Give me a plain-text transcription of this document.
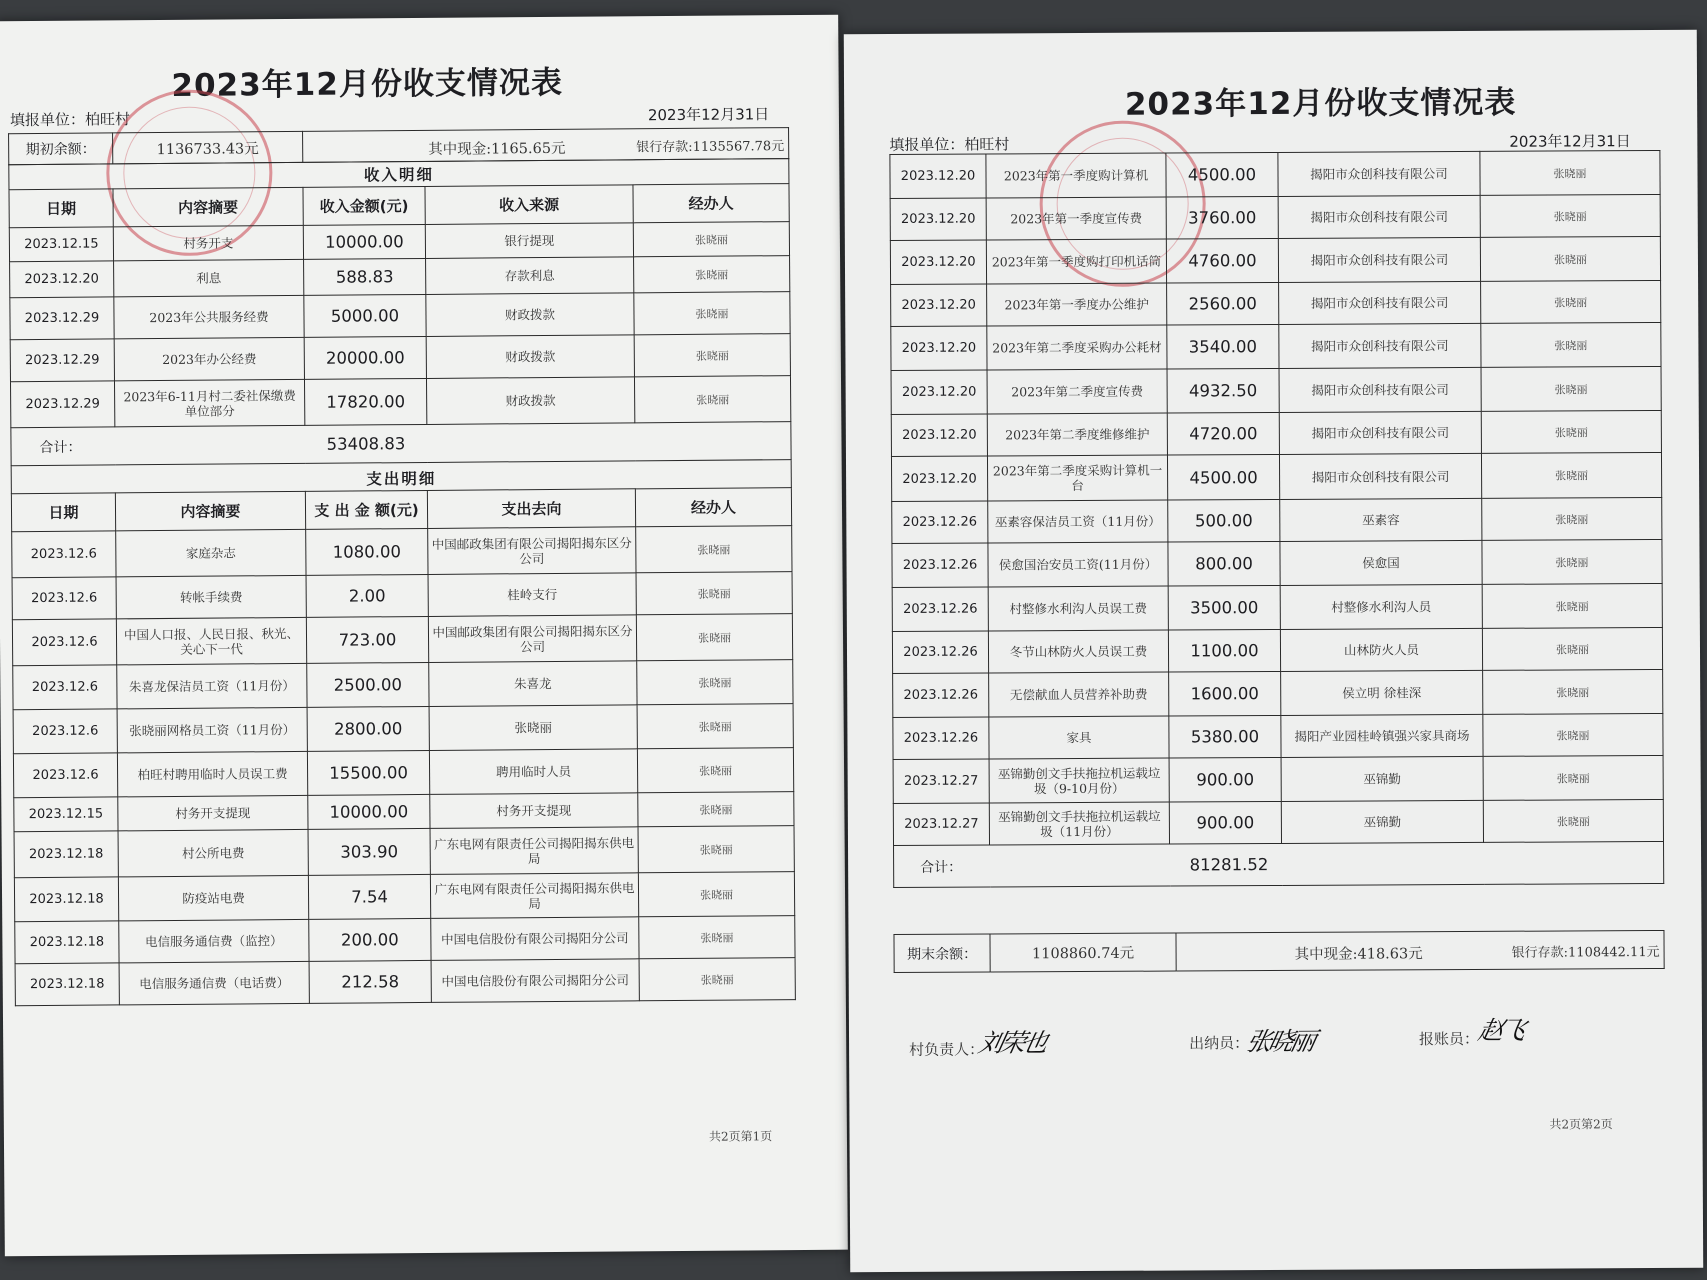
2023年12月份收支情况表
填报单位：柏旺村	2023年12月31日
期初余额：	1136733.43元	其中现金:1165.65元	银行存款:1135567.78元
收入明细				
日期	内容摘要	收入金额(元)	收入来源	经办人
2023.12.15	村务开支	10000.00	银行提现	张晓丽
2023.12.20	利息	588.83	存款利息	张晓丽
2023.12.29	2023年公共服务经费	5000.00	财政拨款	张晓丽
2023.12.29	2023年办公经费	20000.00	财政拨款	张晓丽
2023.12.29	2023年6-11月村二委社保缴费单位部分	17820.00	财政拨款	张晓丽
合计：		53408.83		
支出明细				
日期	内容摘要	支 出 金 额(元)	支出去向	经办人
2023.12.6	家庭杂志	1080.00	中国邮政集团有限公司揭阳揭东区分公司	张晓丽
2023.12.6	转帐手续费	2.00	桂岭支行	张晓丽
2023.12.6	中国人口报、人民日报、秋光、关心下一代	723.00	中国邮政集团有限公司揭阳揭东区分公司	张晓丽
2023.12.6	朱喜龙保洁员工资（11月份）	2500.00	朱喜龙	张晓丽
2023.12.6	张晓丽网格员工资（11月份）	2800.00	张晓丽	张晓丽
2023.12.6	柏旺村聘用临时人员误工费	15500.00	聘用临时人员	张晓丽
2023.12.15	村务开支提现	10000.00	村务开支提现	张晓丽
2023.12.18	村公所电费	303.90	广东电网有限责任公司揭阳揭东供电局	张晓丽
2023.12.18	防疫站电费	7.54	广东电网有限责任公司揭阳揭东供电局	张晓丽
2023.12.18	电信服务通信费（监控）	200.00	中国电信股份有限公司揭阳分公司	张晓丽
2023.12.18	电信服务通信费（电话费）	212.58	中国电信股份有限公司揭阳分公司	张晓丽
共2页第1页
2023年12月份收支情况表
填报单位：柏旺村	2023年12月31日
2023.12.20	2023年第一季度购计算机	4500.00	揭阳市众创科技有限公司	张晓丽
2023.12.20	2023年第一季度宣传费	3760.00	揭阳市众创科技有限公司	张晓丽
2023.12.20	2023年第一季度购打印机话筒	4760.00	揭阳市众创科技有限公司	张晓丽
2023.12.20	2023年第一季度办公维护	2560.00	揭阳市众创科技有限公司	张晓丽
2023.12.20	2023年第二季度采购办公耗材	3540.00	揭阳市众创科技有限公司	张晓丽
2023.12.20	2023年第二季度宣传费	4932.50	揭阳市众创科技有限公司	张晓丽
2023.12.20	2023年第二季度维修维护	4720.00	揭阳市众创科技有限公司	张晓丽
2023.12.20	2023年第二季度采购计算机一台	4500.00	揭阳市众创科技有限公司	张晓丽
2023.12.26	巫素容保洁员工资（11月份）	500.00	巫素容	张晓丽
2023.12.26	侯愈国治安员工资(11月份）	800.00	侯愈国	张晓丽
2023.12.26	村整修水利沟人员误工费	3500.00	村整修水利沟人员	张晓丽
2023.12.26	冬节山林防火人员误工费	1100.00	山林防火人员	张晓丽
2023.12.26	无偿献血人员营养补助费	1600.00	侯立明 徐桂深	张晓丽
2023.12.26	家具	5380.00	揭阳产业园桂岭镇强兴家具商场	张晓丽
2023.12.27	巫锦勤创文手扶拖拉机运载垃圾（9-10月份）	900.00	巫锦勤	张晓丽
2023.12.27	巫锦勤创文手扶拖拉机运载垃圾（11月份）	900.00	巫锦勤	张晓丽
合计：		81281.52		
期末余额：	1108860.74元	其中现金:418.63元	银行存款:1108442.11元
村负责人：
刘荣也	出纳员：
张晓丽	报账员：
赵飞
共2页第2页
